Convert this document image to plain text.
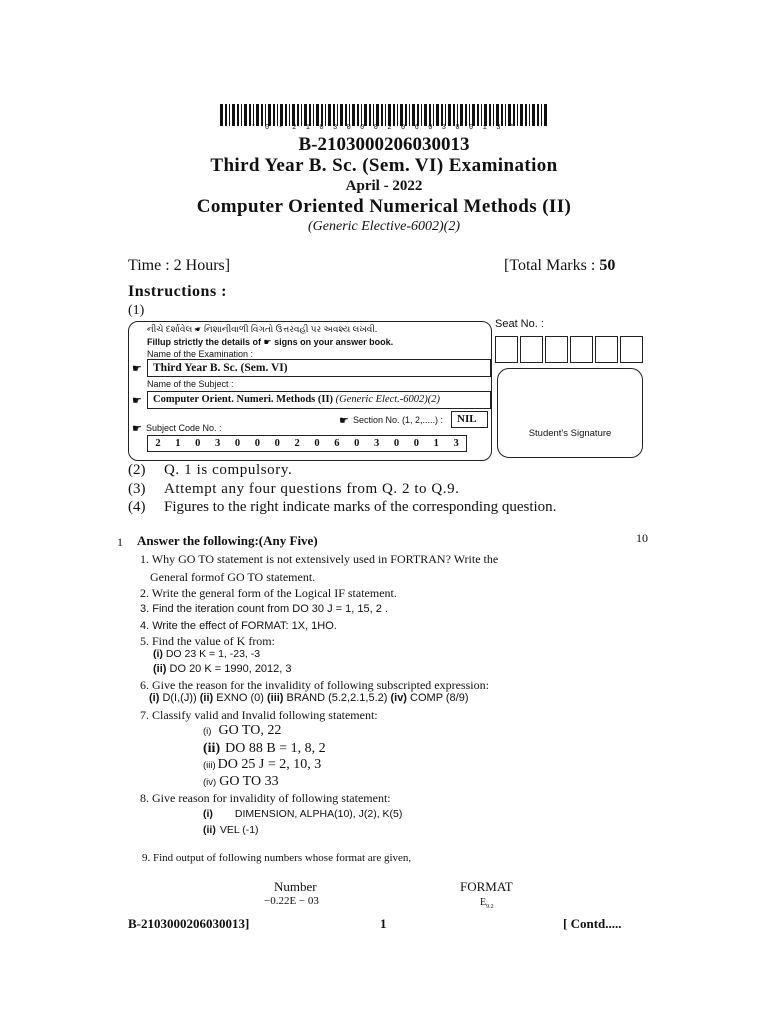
* 0 - 2 1 0 3 0 0 0 2 0 6 0 3 0 0 1 3 *
B-2103000206030013
Third Year B. Sc. (Sem. VI) Examination
April - 2022
Computer Oriented Numerical Methods (II)
(Generic Elective-6002)(2)
Time : 2 Hours]	[Total Marks : 50
Instructions :
(1)
નીચે દર્શાવેલ ☛ નિશાનીવાળી વિગતો ઉત્તરવહી પર અવશ્ય લખવી.
Fillup strictly the details of ☛ signs on your answer book.
Name of the Examination :
☛ Third Year B. Sc. (Sem. VI)
Name of the Subject :
☛	Computer Orient. Numeri. Methods (II) (Generic Elect.-6002)(2)
☛ Section No. (1, 2,.....) :	NIL
☛ Subject Code No. :
2	1	0	3	0	0	0	2	0	6	0	3	0	0	1	3
Seat No. :
Student's Signature
(2) Q. 1 is compulsory.
(3) Attempt any four questions from Q. 2 to Q.9.
(4) Figures to the right indicate marks of the corresponding question.
1 Answer the following:(Any Five)	10
1. Why GO TO statement is not extensively used in FORTRAN? Write the
General formof GO TO statement.
2. Write the general form of the Logical IF statement.
3. Find the iteration count from DO 30 J = 1, 15, 2 .
4. Write the effect of FORMAT: 1X, 1HO.
5. Find the value of K from:
(i) DO 23 K = 1, -23, -3
(ii) DO 20 K = 1990, 2012, 3
6. Give the reason for the invalidity of following subscripted expression:
(i) D(I,(J)) (ii) EXNO (0) (iii) BRAND (5.2,2.1,5.2) (iv) COMP (8/9)
7. Classify valid and Invalid following statement:
(i) GO TO, 22
(ii) DO 88 B = 1, 8, 2
(iii) DO 25 J = 2, 10, 3
(iv) GO TO 33
8. Give reason for invalidity of following statement:
(i) DIMENSION, ALPHA(10), J(2), K(5)
(ii) VEL (-1)
9. Find output of following numbers whose format are given,
Number	FORMAT
−0.22E − 03	$E_{9.2}$
B-2103000206030013]	1	[ Contd.....
